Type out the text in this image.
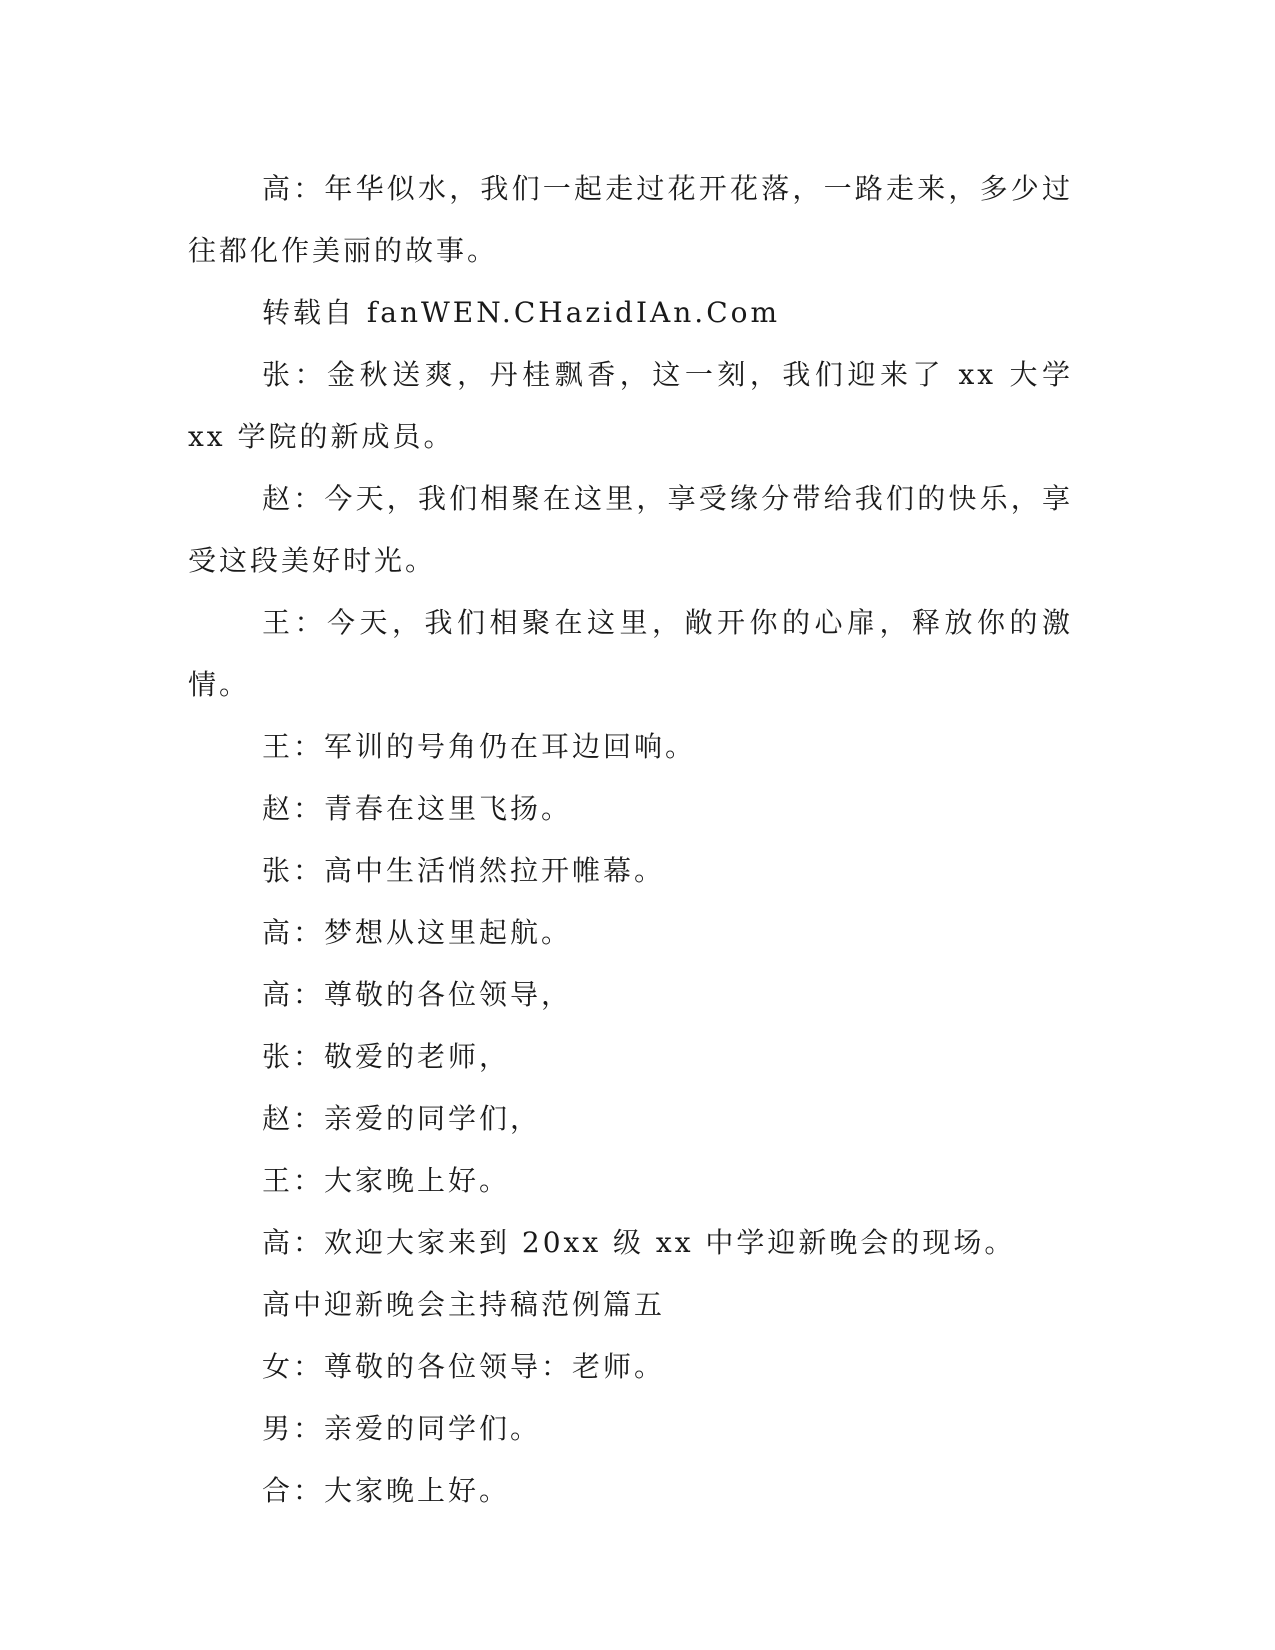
高：年华似水，我们一起走过花开花落，一路走来，多少过往都化作美丽的故事。

转载自 fanWEN.CHazidIAn.Com

张：金秋送爽，丹桂飘香，这一刻，我们迎来了 xx 大学 xx 学院的新成员。

赵：今天，我们相聚在这里，享受缘分带给我们的快乐，享受这段美好时光。

王：今天，我们相聚在这里，敞开你的心扉，释放你的激情。

王：军训的号角仍在耳边回响。

赵：青春在这里飞扬。

张：高中生活悄然拉开帷幕。

高：梦想从这里起航。

高：尊敬的各位领导，

张：敬爱的老师，

赵：亲爱的同学们，

王：大家晚上好。

高：欢迎大家来到 20xx 级 xx 中学迎新晚会的现场。

高中迎新晚会主持稿范例篇五

女：尊敬的各位领导：老师。

男：亲爱的同学们。

合：大家晚上好。
